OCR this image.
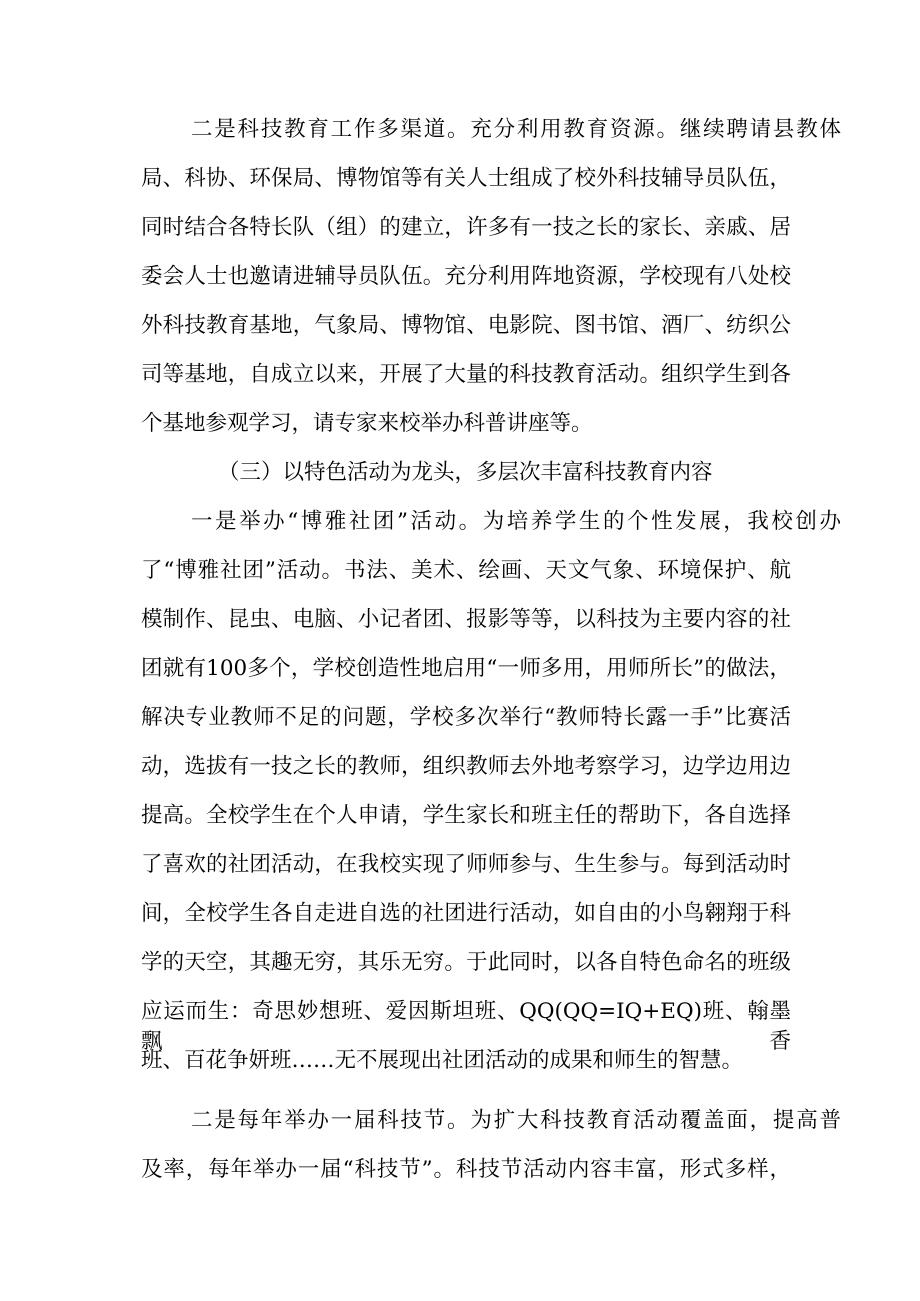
二是科技教育工作多渠道。充分利用教育资源。继续聘请县教体
局、科协、环保局、博物馆等有关人士组成了校外科技辅导员队伍，
同时结合各特长队（组）的建立，许多有一技之长的家长、亲戚、居
委会人士也邀请进辅导员队伍。充分利用阵地资源，学校现有八处校
外科技教育基地，气象局、博物馆、电影院、图书馆、酒厂、纺织公
司等基地，自成立以来，开展了大量的科技教育活动。组织学生到各
个基地参观学习，请专家来校举办科普讲座等。
（三）以特色活动为龙头，多层次丰富科技教育内容
一是举办“博雅社团”活动。为培养学生的个性发展，我校创办
了“博雅社团”活动。书法、美术、绘画、天文气象、环境保护、航
模制作、昆虫、电脑、小记者团、报影等等，以科技为主要内容的社
团就有100多个，学校创造性地启用“一师多用，用师所长”的做法，
解决专业教师不足的问题，学校多次举行“教师特长露一手”比赛活
动，选拔有一技之长的教师，组织教师去外地考察学习，边学边用边
提高。全校学生在个人申请，学生家长和班主任的帮助下，各自选择
了喜欢的社团活动，在我校实现了师师参与、生生参与。每到活动时
间，全校学生各自走进自选的社团进行活动，如自由的小鸟翱翔于科
学的天空，其趣无穷，其乐无穷。于此同时，以各自特色命名的班级
应运而生：奇思妙想班、爱因斯坦班、QQ(QQ=IQ+EQ)班、翰墨飘香
班、百花争妍班……无不展现出社团活动的成果和师生的智慧。
二是每年举办一届科技节。为扩大科技教育活动覆盖面，提高普
及率，每年举办一届“科技节”。科技节活动内容丰富，形式多样，
